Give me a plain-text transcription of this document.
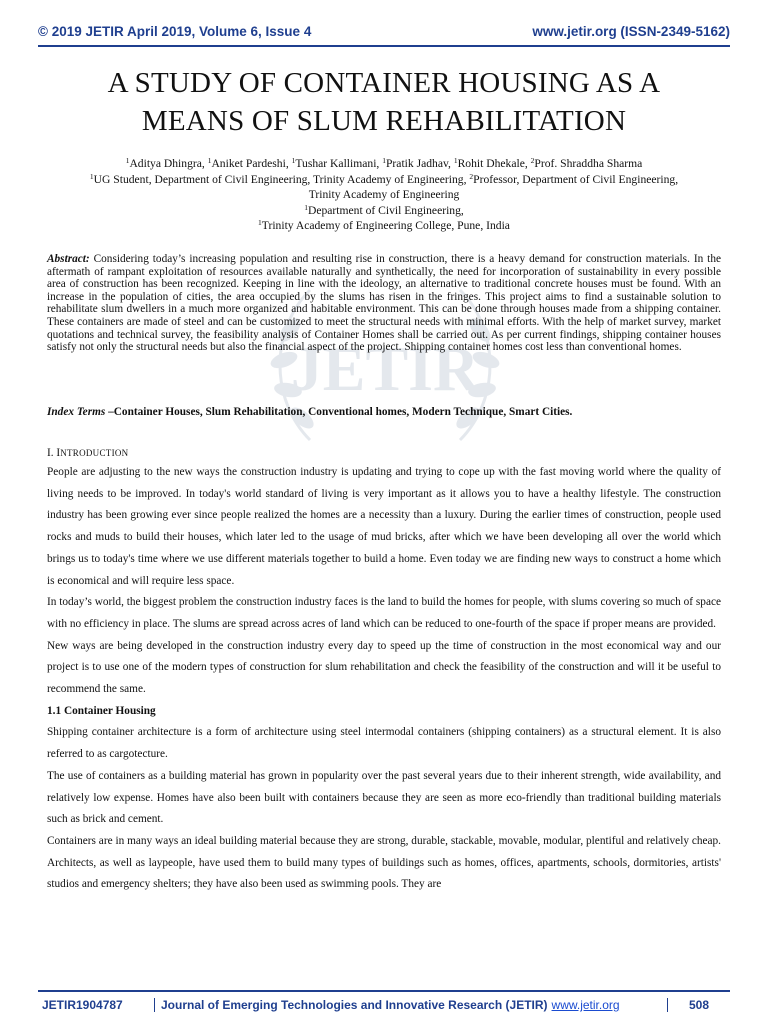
© 2019 JETIR April 2019, Volume 6, Issue 4	www.jetir.org (ISSN-2349-5162)
JETIR
A STUDY OF CONTAINER HOUSING AS A
MEANS OF SLUM REHABILITATION
$^1$Aditya Dhingra, $^1$Aniket Pardeshi, $^1$Tushar Kallimani, $^1$Pratik Jadhav, $^1$Rohit Dhekale, $^2$Prof. Shraddha Sharma
$^1$UG Student, Department of Civil Engineering, Trinity Academy of Engineering, $^2$Professor, Department of Civil Engineering,
Trinity Academy of Engineering
$^1$Department of Civil Engineering,
$^1$Trinity Academy of Engineering College, Pune, India
Abstract: Considering today’s increasing population and resulting rise in construction, there is a heavy demand for construction materials. In the aftermath of rampant exploitation of resources available naturally and synthetically, the need for incorporation of sustainability in every possible area of construction has been recognized. Keeping in line with the ideology, an alternative to traditional concrete houses must be found. With an increase in the population of cities, the area occupied by the slums has risen in the fringes. This project aims to find a sustainable solution to rehabilitate slum dwellers in a much more organized and habitable environment. This can be done through houses made from a shipping container. These containers are made of steel and can be customized to meet the structural needs with minimal efforts. With the help of market survey, market quotations and technical survey, the feasibility analysis of Container Homes shall be carried out. As per current findings, shipping container houses satisfy not only the structural needs but also the financial aspect of the project. Shipping container homes cost less than conventional homes.
Index Terms –Container Houses, Slum Rehabilitation, Conventional homes, Modern Technique, Smart Cities.
I. INTRODUCTION

People are adjusting to the new ways the construction industry is updating and trying to cope up with the fast moving world where the quality of living needs to be improved. In today's world standard of living is very important as it allows you to have a healthy lifestyle. The construction industry has been growing ever since people realized the homes are a necessity than a luxury. During the earlier times of construction, people used rocks and muds to build their houses, which later led to the usage of mud bricks, after which we have been developing all over the world which brings us to today's time where we use different materials together to build a home. Even today we are finding new ways to construct a home which is economical and will require less space.

In today’s world, the biggest problem the construction industry faces is the land to build the homes for people, with slums covering so much of space with no efficiency in place. The slums are spread across acres of land which can be reduced to one-fourth of the space if proper means are provided.

New ways are being developed in the construction industry every day to speed up the time of construction in the most economical way and our project is to use one of the modern types of construction for slum rehabilitation and check the feasibility of the construction and will it be useful to recommend the same.

1.1 Container Housing

Shipping container architecture is a form of architecture using steel intermodal containers (shipping containers) as a structural element. It is also referred to as cargotecture.

The use of containers as a building material has grown in popularity over the past several years due to their inherent strength, wide availability, and relatively low expense. Homes have also been built with containers because they are seen as more eco-friendly than traditional building materials such as brick and cement.

Containers are in many ways an ideal building material because they are strong, durable, stackable, movable, modular, plentiful and relatively cheap. Architects, as well as laypeople, have used them to build many types of buildings such as homes, offices, apartments, schools, dormitories, artists' studios and emergency shelters; they have also been used as swimming pools. They are

JETIR1904787	Journal of Emerging Technologies and Innovative Research (JETIR) www.jetir.org	508
